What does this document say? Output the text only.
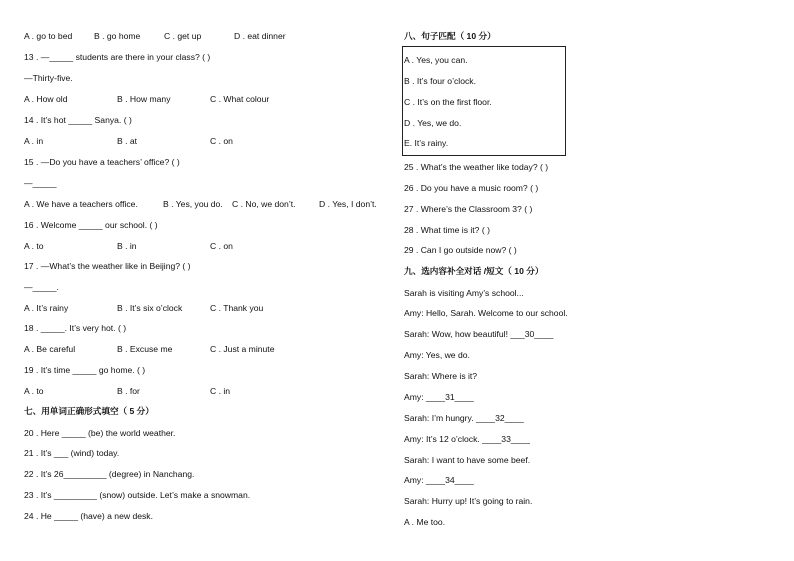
A . go to bed	B . go home	C . get up	D . eat dinner
13 . —_____ students are there in your class? ( )
—Thirty-five.
A . How old	B . How many	C . What colour
14 . It’s hot _____ Sanya. ( )
A . in	B . at	C . on
15 . —Do you have a teachers’ office? ( )
—_____
A . We have a teachers office.	B . Yes, you do. C . No, we don’t.	D . Yes, I don’t.
16 . Welcome _____ our school. ( )
A . to	B . in	C . on
17 . —What’s the weather like in Beijing? ( )
—_____.
A . It’s rainy	B . It’s six o’clock	C . Thank you
18 . _____. It’s very hot. ( )
A . Be careful	B . Excuse me	C . Just a minute
19 . It’s time _____ go home. ( )
A . to	B . for	C . in
七、用单词正确形式填空（ 5 分）
20 . Here _____ (be) the world weather.
21 . It’s ___ (wind) today.
22 . It’s 26_________ (degree) in Nanchang.
23 . It’s _________ (snow) outside. Let’s make a snowman.
24 . He _____ (have) a new desk.
八、句子匹配（ 10 分）
A . Yes, you can.
B . It’s four o’clock.
C . It’s on the first floor.
D . Yes, we do.
E. It’s rainy.
25 . What’s the weather like today? ( )
26 . Do you have a music room? ( )
27 . Where’s the Classroom 3? ( )
28 . What time is it? ( )
29 . Can I go outside now? ( )
九、选内容补全对话 /短文（ 10 分）
Sarah is visiting Amy’s school...
Amy: Hello, Sarah. Welcome to our school.
Sarah: Wow, how beautiful! ___30____
Amy: Yes, we do.
Sarah: Where is it?
Amy: ____31____
Sarah: I’m hungry. ____32____
Amy: It’s 12 o’clock. ____33____
Sarah: I want to have some beef.
Amy: ____34____
Sarah: Hurry up! It’s going to rain.
A . Me too.
